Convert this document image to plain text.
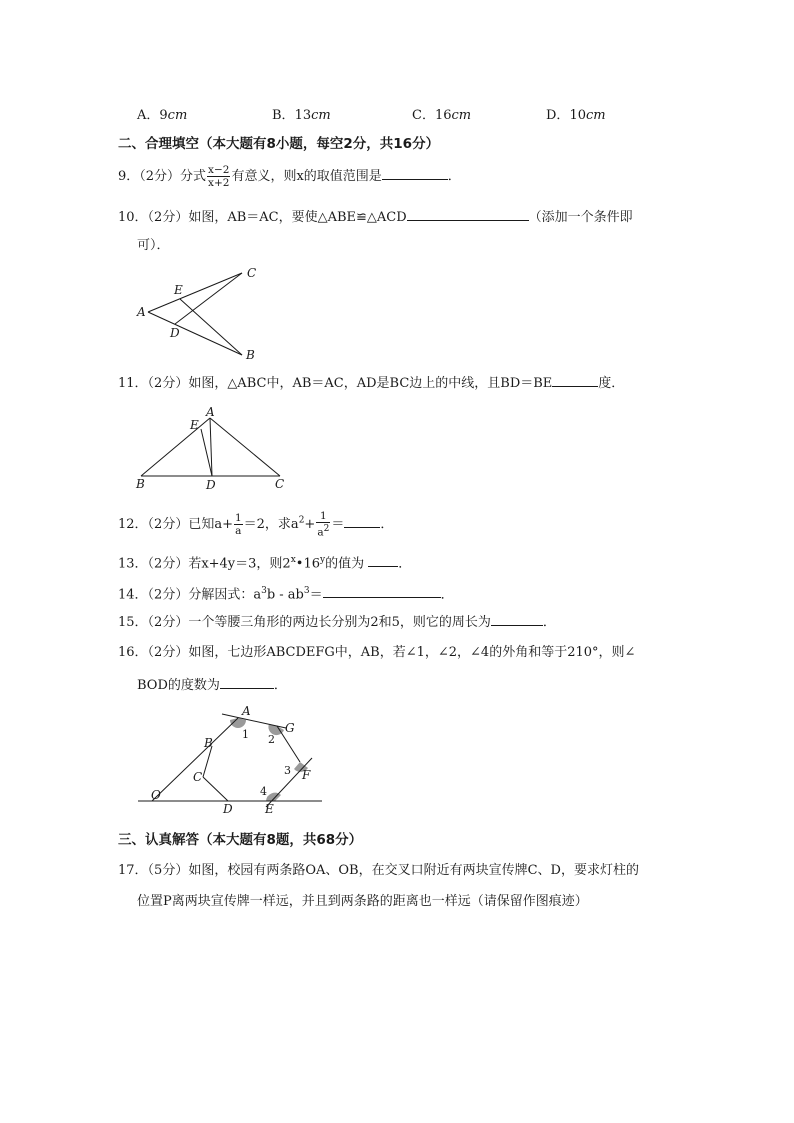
A．9cm	B．13cm	C．16cm	D．10cm
二、合理填空（本大题有8小题，每空2分，共16分）
9．（2分）分式 $\frac{x-2}{x+2}$ 有意义，则x的取值范围是	．
10．（2分）如图，AB＝AC，要使△ABE≌△ACD	（添加一个条件即
可）．
A
B
C
D
E
11．（2分）如图，△ABC中，AB＝AC，AD是BC边上的中线，且BD＝BE	度．
A
B	C
D
E
12．（2分）已知$a+ \frac{1}{a} =2$，求$a^2+ \frac{1}{a^2}$ ＝	．
13．（2分）若x+4y＝3，则2$^x$•16$^y$的值为	．
14．（2分）分解因式：$a^3b - ab^3=$	．
15．（2分）一个等腰三角形的两边长分别为2和5，则它的周长为	．
16．（2分）如图，七边形ABCDEFG中，AB，若∠1，∠2，∠4的外角和等于210°，则∠
BOD的度数为	．
A
B
C
D	E
F
G
O
1 2
3
4
三、认真解答（本大题有8题，共68分）
17．（5分）如图，校园有两条路OA、OB，在交叉口附近有两块宣传牌C、D，要求灯柱的
位置P离两块宣传牌一样远，并且到两条路的距离也一样远（请保留作图痕迹）
